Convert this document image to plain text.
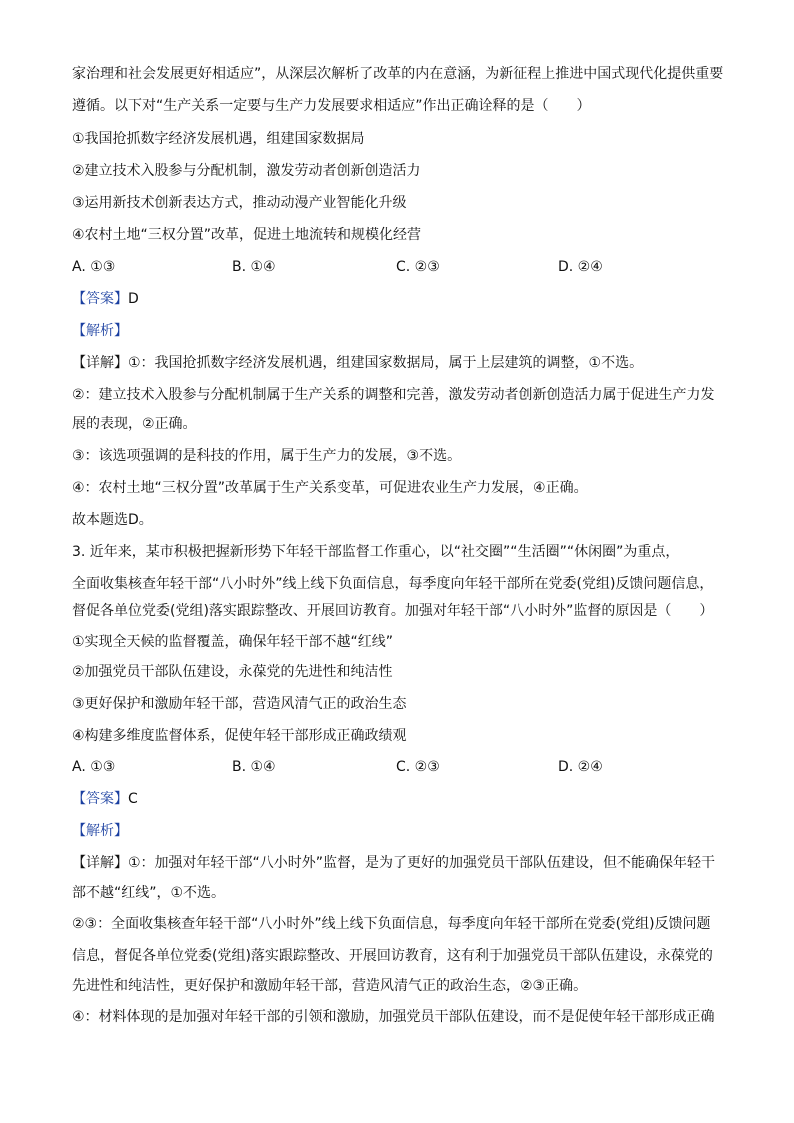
家治理和社会发展更好相适应”，从深层次解析了改革的内在意涵，为新征程上推进中国式现代化提供重要
遵循。以下对“生产关系一定要与生产力发展要求相适应”作出正确诠释的是（　　）
①我国抢抓数字经济发展机遇，组建国家数据局
②建立技术入股参与分配机制，激发劳动者创新创造活力
③运用新技术创新表达方式，推动动漫产业智能化升级
④农村土地“三权分置”改革，促进土地流转和规模化经营
A. ①③	B. ①④	C. ②③	D. ②④
【答案】D
【解析】
【详解】①：我国抢抓数字经济发展机遇，组建国家数据局，属于上层建筑的调整，①不选。
②：建立技术入股参与分配机制属于生产关系的调整和完善，激发劳动者创新创造活力属于促进生产力发
展的表现，②正确。
③：该选项强调的是科技的作用，属于生产力的发展，③不选。
④：农村土地“三权分置”改革属于生产关系变革，可促进农业生产力发展，④正确。
故本题选D。
3. 近年来，某市积极把握新形势下年轻干部监督工作重心，以“社交圈”“生活圈”“休闲圈”为重点，
全面收集核查年轻干部“八小时外”线上线下负面信息，每季度向年轻干部所在党委(党组)反馈问题信息，
督促各单位党委(党组)落实跟踪整改、开展回访教育。加强对年轻干部“八小时外”监督的原因是（　　）
①实现全天候的监督覆盖，确保年轻干部不越“红线”
②加强党员干部队伍建设，永葆党的先进性和纯洁性
③更好保护和激励年轻干部，营造风清气正的政治生态
④构建多维度监督体系，促使年轻干部形成正确政绩观
A. ①③	B. ①④	C. ②③	D. ②④
【答案】C
【解析】
【详解】①：加强对年轻干部“八小时外”监督，是为了更好的加强党员干部队伍建设，但不能确保年轻干
部不越“红线”，①不选。
②③：全面收集核查年轻干部“八小时外”线上线下负面信息，每季度向年轻干部所在党委(党组)反馈问题
信息，督促各单位党委(党组)落实跟踪整改、开展回访教育，这有利于加强党员干部队伍建设，永葆党的
先进性和纯洁性，更好保护和激励年轻干部，营造风清气正的政治生态，②③正确。
④：材料体现的是加强对年轻干部的引领和激励，加强党员干部队伍建设，而不是促使年轻干部形成正确
